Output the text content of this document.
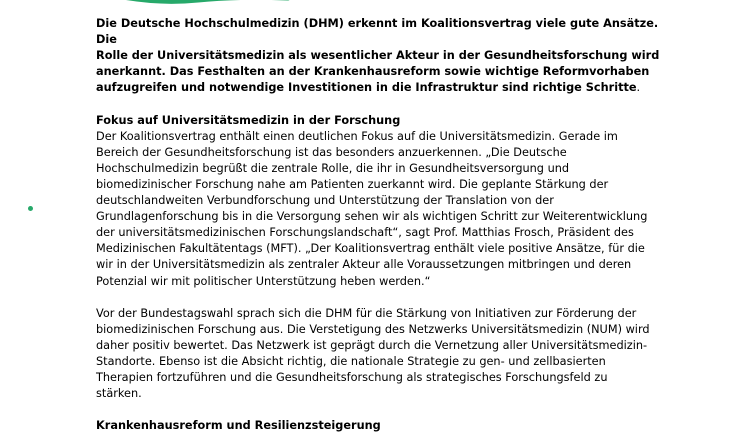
Die Deutsche Hochschulmedizin (DHM) erkennt im Koalitionsvertrag viele gute Ansätze. Die
Rolle der Universitätsmedizin als wesentlicher Akteur in der Gesundheitsforschung wird
anerkannt. Das Festhalten an der Krankenhausreform sowie wichtige Reformvorhaben
aufzugreifen und notwendige Investitionen in die Infrastruktur sind richtige Schritte.

Fokus auf Universitätsmedizin in der Forschung

Der Koalitionsvertrag enthält einen deutlichen Fokus auf die Universitätsmedizin. Gerade im
Bereich der Gesundheitsforschung ist das besonders anzuerkennen. „Die Deutsche
Hochschulmedizin begrüßt die zentrale Rolle, die ihr in Gesundheitsversorgung und
biomedizinischer Forschung nahe am Patienten zuerkannt wird. Die geplante Stärkung der
deutschlandweiten Verbundforschung und Unterstützung der Translation von der
Grundlagenforschung bis in die Versorgung sehen wir als wichtigen Schritt zur Weiterentwicklung
der universitätsmedizinischen Forschungslandschaft“, sagt Prof. Matthias Frosch, Präsident des
Medizinischen Fakultätentags (MFT). „Der Koalitionsvertrag enthält viele positive Ansätze, für die
wir in der Universitätsmedizin als zentraler Akteur alle Voraussetzungen mitbringen und deren
Potenzial wir mit politischer Unterstützung heben werden.“

Vor der Bundestagswahl sprach sich die DHM für die Stärkung von Initiativen zur Förderung der
biomedizinischen Forschung aus. Die Verstetigung des Netzwerks Universitätsmedizin (NUM) wird
daher positiv bewertet. Das Netzwerk ist geprägt durch die Vernetzung aller Universitätsmedizin-
Standorte. Ebenso ist die Absicht richtig, die nationale Strategie zu gen- und zellbasierten
Therapien fortzuführen und die Gesundheitsforschung als strategisches Forschungsfeld zu
stärken.

Krankenhausreform und Resilienzsteigerung
